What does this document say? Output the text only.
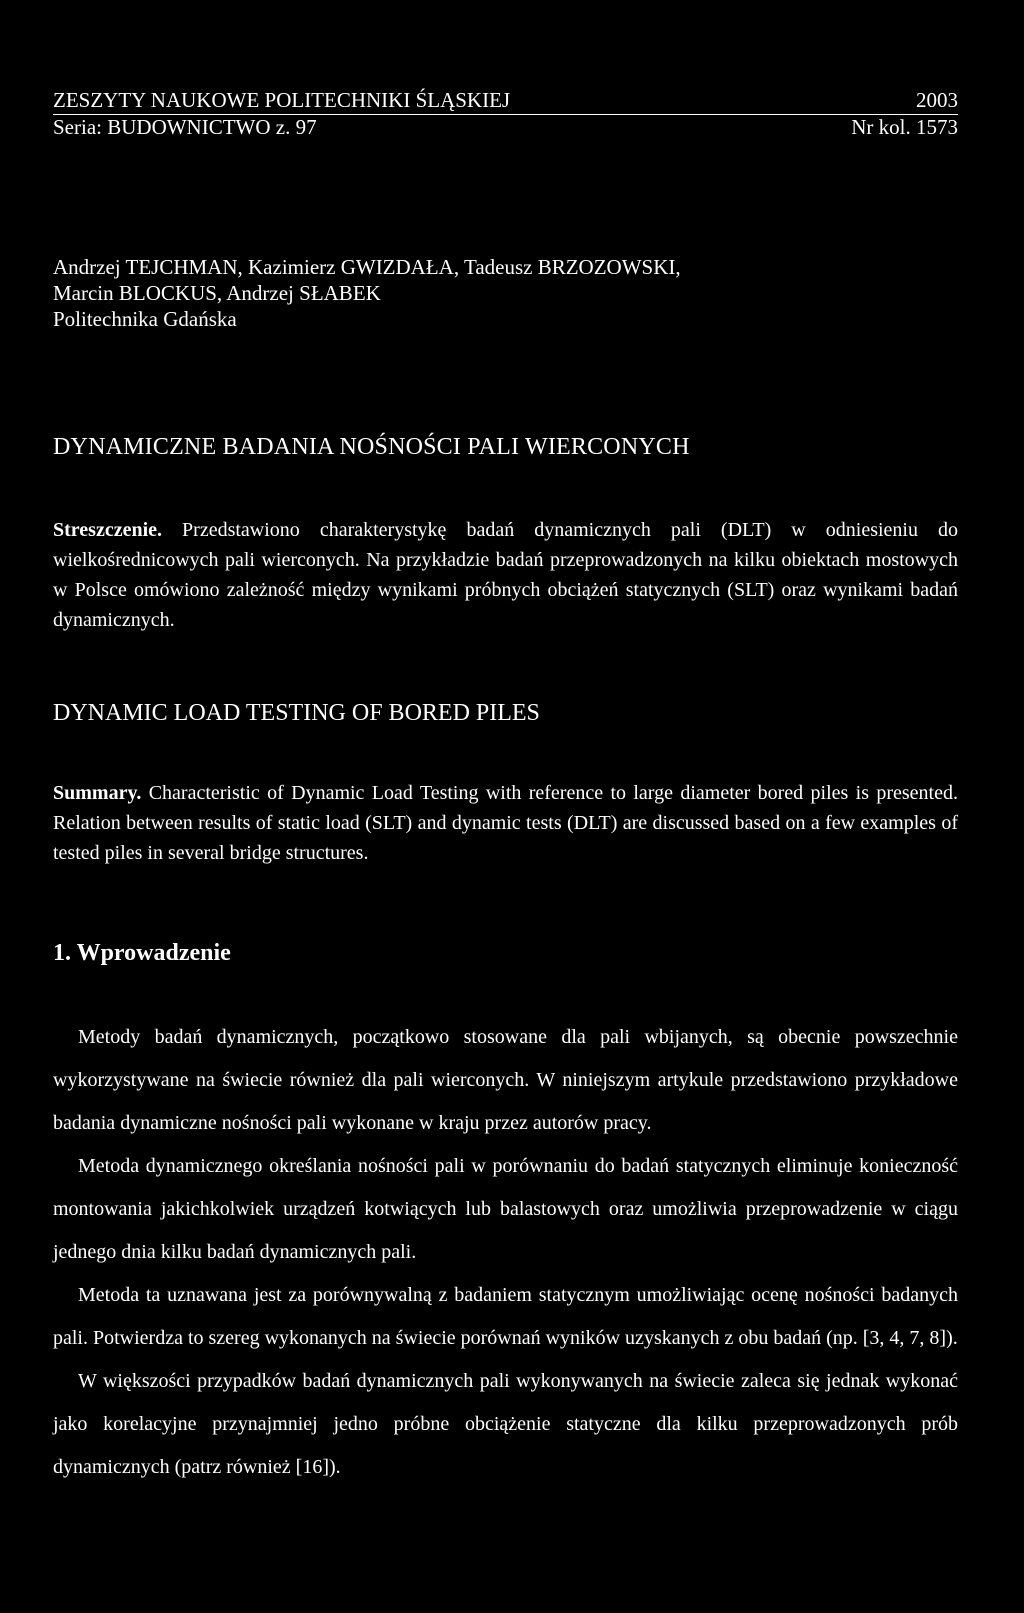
ZESZYTY NAUKOWE POLITECHNIKI ŚLĄSKIEJ	2003
Seria: BUDOWNICTWO z. 97	Nr kol. 1573
Andrzej TEJCHMAN, Kazimierz GWIZDAŁA, Tadeusz BRZOZOWSKI,
Marcin BLOCKUS, Andrzej SŁABEK
Politechnika Gdańska
DYNAMICZNE BADANIA NOŚNOŚCI PALI WIERCONYCH
Streszczenie. Przedstawiono charakterystykę badań dynamicznych pali (DLT) w odniesieniu do wielkośrednicowych pali wierconych. Na przykładzie badań przeprowadzonych na kilku obiektach mostowych w Polsce omówiono zależność między wynikami próbnych obciążeń statycznych (SLT) oraz wynikami badań dynamicznych.
DYNAMIC LOAD TESTING OF BORED PILES
Summary. Characteristic of Dynamic Load Testing with reference to large diameter bored piles is presented. Relation between results of static load (SLT) and dynamic tests (DLT) are discussed based on a few examples of tested piles in several bridge structures.
1. Wprowadzenie

Metody badań dynamicznych, początkowo stosowane dla pali wbijanych, są obecnie powszechnie wykorzystywane na świecie również dla pali wierconych. W niniejszym artykule przedstawiono przykładowe badania dynamiczne nośności pali wykonane w kraju przez autorów pracy.

Metoda dynamicznego określania nośności pali w porównaniu do badań statycznych eliminuje konieczność montowania jakichkolwiek urządzeń kotwiących lub balastowych oraz umożliwia przeprowadzenie w ciągu jednego dnia kilku badań dynamicznych pali.

Metoda ta uznawana jest za porównywalną z badaniem statycznym umożliwiając ocenę nośności badanych pali. Potwierdza to szereg wykonanych na świecie porównań wyników uzyskanych z obu badań (np. [3, 4, 7, 8]).

W większości przypadków badań dynamicznych pali wykonywanych na świecie zaleca się jednak wykonać jako korelacyjne przynajmniej jedno próbne obciążenie statyczne dla kilku przeprowadzonych prób dynamicznych (patrz również [16]).
